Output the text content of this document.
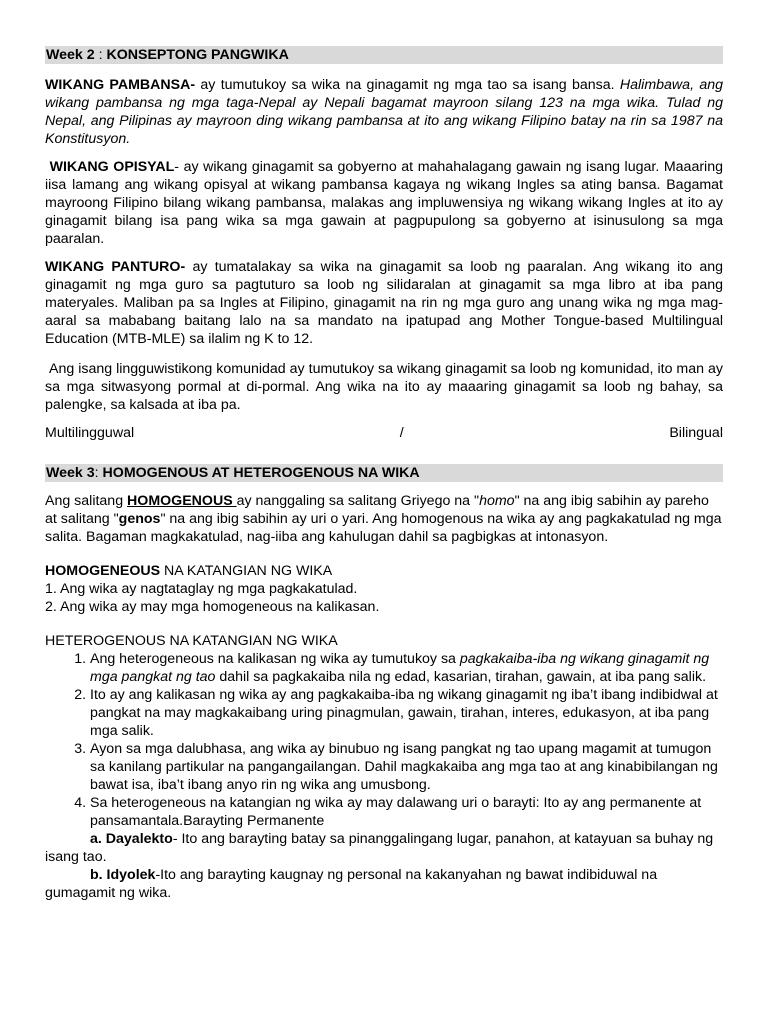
Week 2 : KONSEPTONG PANGWIKA

WIKANG PAMBANSA- ay tumutukoy sa wika na ginagamit ng mga tao sa isang bansa. Halimbawa, ang wikang pambansa ng mga taga-Nepal ay Nepali bagamat mayroon silang 123 na mga wika. Tulad ng Nepal, ang Pilipinas ay mayroon ding wikang pambansa at ito ang wikang Filipino batay na rin sa 1987 na Konstitusyon.

WIKANG OPISYAL- ay wikang ginagamit sa gobyerno at mahahalagang gawain ng isang lugar. Maaaring iisa lamang ang wikang opisyal at wikang pambansa kagaya ng wikang Ingles sa ating bansa. Bagamat mayroong Filipino bilang wikang pambansa, malakas ang impluwensiya ng wikang wikang Ingles at ito ay ginagamit bilang isa pang wika sa mga gawain at pagpupulong sa gobyerno at isinusulong sa mga paaralan.

WIKANG PANTURO- ay tumatalakay sa wika na ginagamit sa loob ng paaralan. Ang wikang ito ang ginagamit ng mga guro sa pagtuturo sa loob ng silidaralan at ginagamit sa mga libro at iba pang materyales. Maliban pa sa Ingles at Filipino, ginagamit na rin ng mga guro ang unang wika ng mga mag-aaral sa mababang baitang lalo na sa mandato na ipatupad ang Mother Tongue-based Multilingual Education (MTB-MLE) sa ilalim ng K to 12.

Ang isang lingguwistikong komunidad ay tumutukoy sa wikang ginagamit sa loob ng komunidad, ito man ay sa mga sitwasyong pormal at di-pormal. Ang wika na ito ay maaaring ginagamit sa loob ng bahay, sa palengke, sa kalsada at iba pa.

Multilingguwal	/	Bilingual
Week 3: HOMOGENOUS AT HETEROGENOUS NA WIKA

Ang salitang HOMOGENOUS ay nanggaling sa salitang Griyego na "homo" na ang ibig sabihin ay pareho at salitang "genos" na ang ibig sabihin ay uri o yari. Ang homogenous na wika ay ang pagkakatulad ng mga salita. Bagaman magkakatulad, nag-iiba ang kahulugan dahil sa pagbigkas at intonasyon.

HOMOGENEOUS NA KATANGIAN NG WIKA

1. Ang wika ay nagtataglay ng mga pagkakatulad.

2. Ang wika ay may mga homogeneous na kalikasan.

HETEROGENOUS NA KATANGIAN NG WIKA

1. Ang heterogeneous na kalikasan ng wika ay tumutukoy sa pagkakaiba-iba ng wikang ginagamit ng mga pangkat ng tao dahil sa pagkakaiba nila ng edad, kasarian, tirahan, gawain, at iba pang salik.
2. Ito ay ang kalikasan ng wika ay ang pagkakaiba-iba ng wikang ginagamit ng iba’t ibang indibidwal at pangkat na may magkakaibang uring pinagmulan, gawain, tirahan, interes, edukasyon, at iba pang mga salik.
3. Ayon sa mga dalubhasa, ang wika ay binubuo ng isang pangkat ng tao upang magamit at tumugon sa kanilang partikular na pangangailangan. Dahil magkakaiba ang mga tao at ang kinabibilangan ng bawat isa, iba’t ibang anyo rin ng wika ang umusbong.
4. Sa heterogeneous na katangian ng wika ay may dalawang uri o barayti: Ito ay ang permanente at pansamantala.Barayting Permanente

a. Dayalekto- Ito ang barayting batay sa pinanggalingang lugar, panahon, at katayuan sa buhay ng isang tao.

b. Idyolek-Ito ang barayting kaugnay ng personal na kakanyahan ng bawat indibiduwal na gumagamit ng wika.
